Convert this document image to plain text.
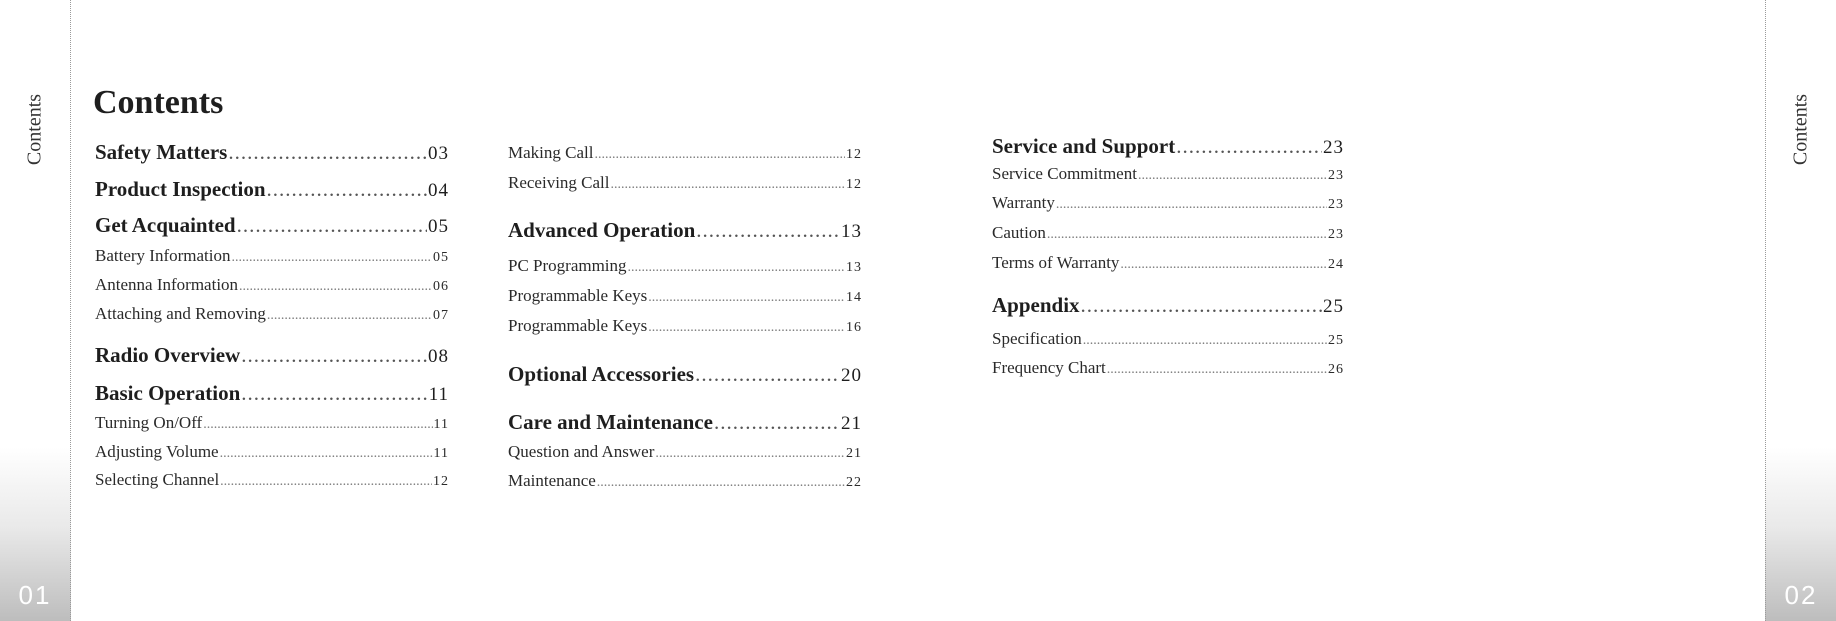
Contents
01
Contents
02
Contents
Safety Matters .....	03
Product Inspection .....	04
Get Acquainted .....	05
Battery Information .....	05
Antenna Information .....	06
Attaching and Removing .....	07
Radio Overview .....	08
Basic Operation .....	11
Turning On/Off .....	11
Adjusting Volume .....	11
Selecting Channel .....	12
Making Call .....	12
Receiving Call .....	12
Advanced Operation .....	13
PC Programming .....	13
Programmable Keys .....	14
Programmable Keys .....	16
Optional Accessories .....	20
Care and Maintenance .....	21
Question and Answer .....	21
Maintenance .....	22
Service and Support .....	23
Service Commitment .....	23
Warranty .....	23
Caution .....	23
Terms of Warranty .....	24
Appendix .....	25
Specification .....	25
Frequency Chart .....	26
